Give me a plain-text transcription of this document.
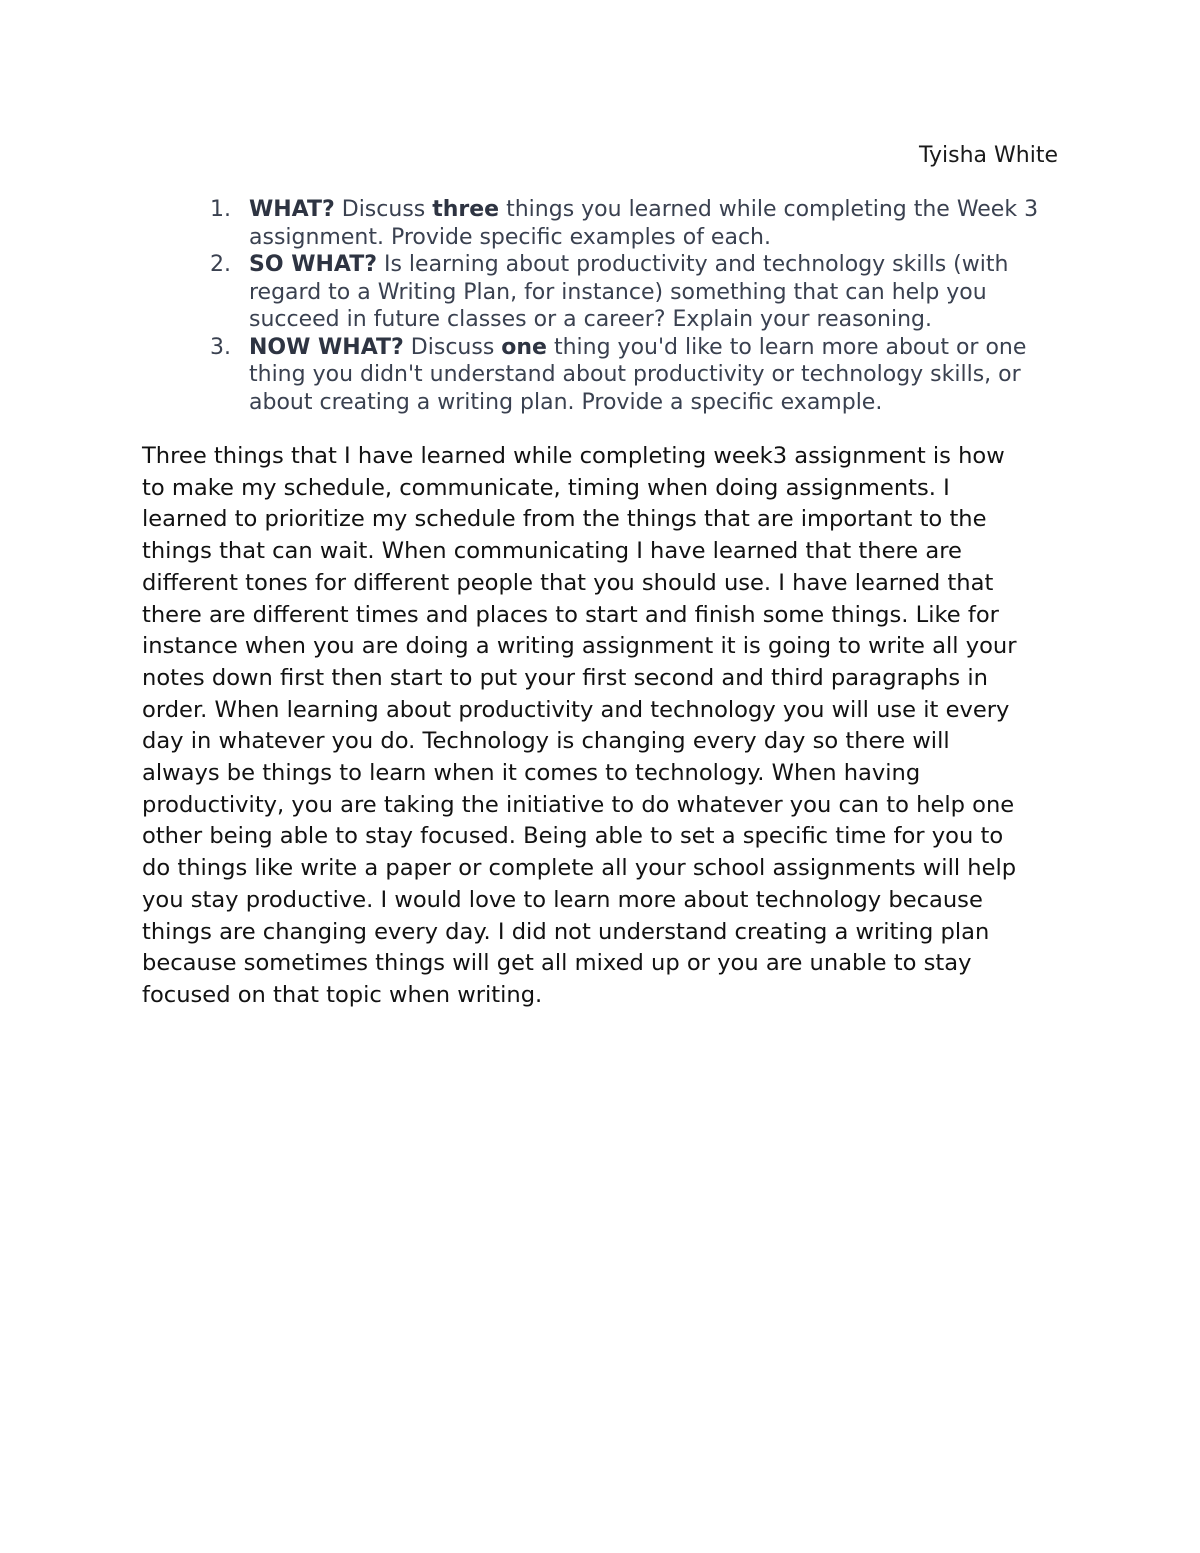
Tyisha White
1. WHAT? Discuss three things you learned while completing the Week 3 assignment. Provide specific examples of each.
2. SO WHAT? Is learning about productivity and technology skills (with regard to a Writing Plan, for instance) something that can help you succeed in future classes or a career? Explain your reasoning.
3. NOW WHAT? Discuss one thing you'd like to learn more about or one thing you didn't understand about productivity or technology skills, or about creating a writing plan. Provide a specific example.

Three things that I have learned while completing week3 assignment is how
to make my schedule, communicate, timing when doing assignments. I
learned to prioritize my schedule from the things that are important to the
things that can wait. When communicating I have learned that there are
different tones for different people that you should use. I have learned that
there are different times and places to start and finish some things. Like for
instance when you are doing a writing assignment it is going to write all your
notes down first then start to put your first second and third paragraphs in
order. When learning about productivity and technology you will use it every
day in whatever you do. Technology is changing every day so there will
always be things to learn when it comes to technology. When having
productivity, you are taking the initiative to do whatever you can to help one
other being able to stay focused. Being able to set a specific time for you to
do things like write a paper or complete all your school assignments will help
you stay productive. I would love to learn more about technology because
things are changing every day. I did not understand creating a writing plan
because sometimes things will get all mixed up or you are unable to stay
focused on that topic when writing.
